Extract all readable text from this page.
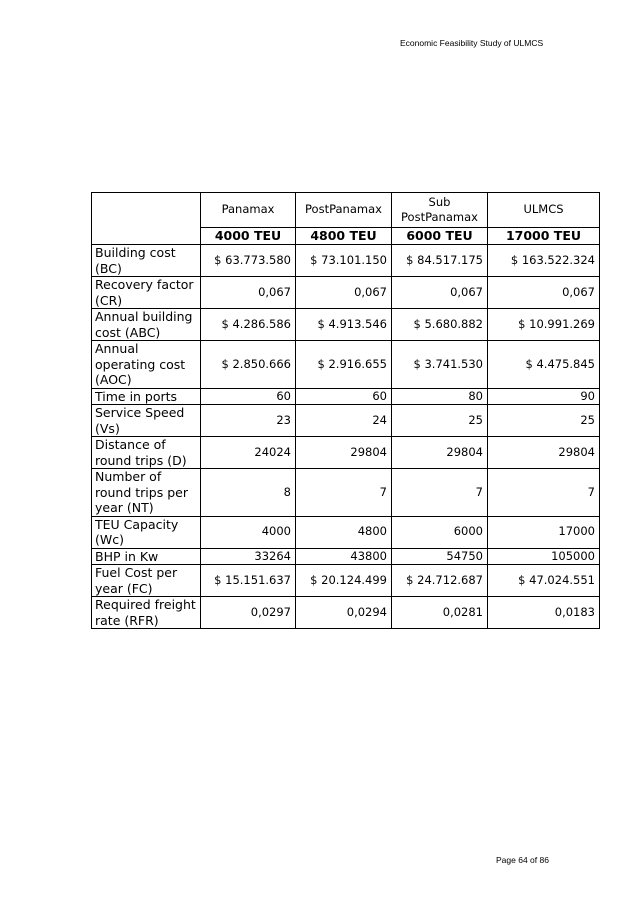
Economic Feasibility Study of ULMCS
	Panamax	PostPanamax	Sub PostPanamax	ULMCS
	4000 TEU	4800 TEU	6000 TEU	17000 TEU
Building cost (BC)	$ 63.773.580	$ 73.101.150	$ 84.517.175	$ 163.522.324
Recovery factor (CR)	0,067	0,067	0,067	0,067
Annual building cost (ABC)	$ 4.286.586	$ 4.913.546	$ 5.680.882	$ 10.991.269
Annual operating cost (AOC)	$ 2.850.666	$ 2.916.655	$ 3.741.530	$ 4.475.845
Time in ports	60	60	80	90
Service Speed (Vs)	23	24	25	25
Distance of round trips (D)	24024	29804	29804	29804
Number of round trips per year (NT)	8	7	7	7
TEU Capacity (Wc)	4000	4800	6000	17000
BHP in Kw	33264	43800	54750	105000
Fuel Cost per year (FC)	$ 15.151.637	$ 20.124.499	$ 24.712.687	$ 47.024.551
Required freight rate (RFR)	0,0297	0,0294	0,0281	0,0183
Page 64 of 86
